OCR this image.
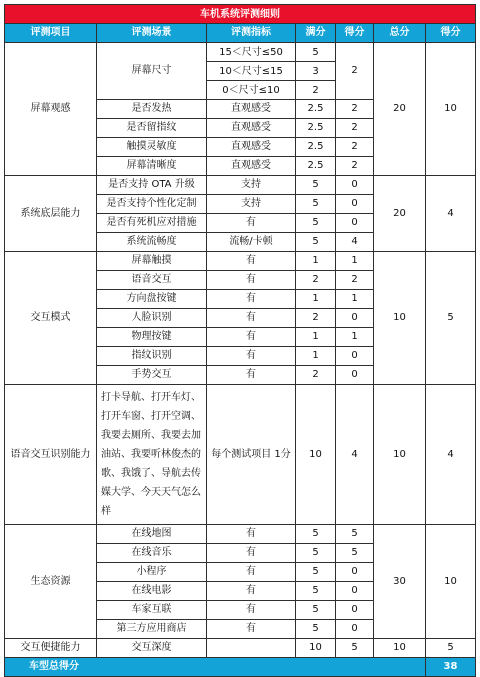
车机系统评测细则						
评测项目	评测场景	评测指标	满分	得分	总分	得分
屏幕观感	屏幕尺寸	15＜尺寸≤50	5	2	20	10
		10＜尺寸≤15	3			
		0＜尺寸≤10	2			
	是否发热	直观感受	2.5	2		
	是否留指纹	直观感受	2.5	2		
	触摸灵敏度	直观感受	2.5	2		
	屏幕清晰度	直观感受	2.5	2		
系统底层能力	是否支持 OTA 升级	支持	5	0	20	4
	是否支持个性化定制	支持	5	0		
	是否有死机应对措施	有	5	0		
	系统流畅度	流畅/卡顿	5	4		
交互模式	屏幕触摸	有	1	1	10	5
	语音交互	有	2	2		
	方向盘按键	有	1	1		
	人脸识别	有	2	0		
	物理按键	有	1	1		
	指纹识别	有	1	0		
	手势交互	有	2	0		
语音交互识别能力	打卡导航、打开车灯、打开车窗、打开空调、我要去厕所、我要去加油站、我要听林俊杰的歌、我饿了、导航去传媒大学、今天天气怎么样	每个测试项目 1分	10	4	10	4
生态资源	在线地图	有	5	5	30	10
	在线音乐	有	5	5		
	小程序	有	5	0		
	在线电影	有	5	0		
	车家互联	有	5	0		
	第三方应用商店	有	5	0		
交互便捷能力	交互深度		10	5	10	5
车型总得分						38
